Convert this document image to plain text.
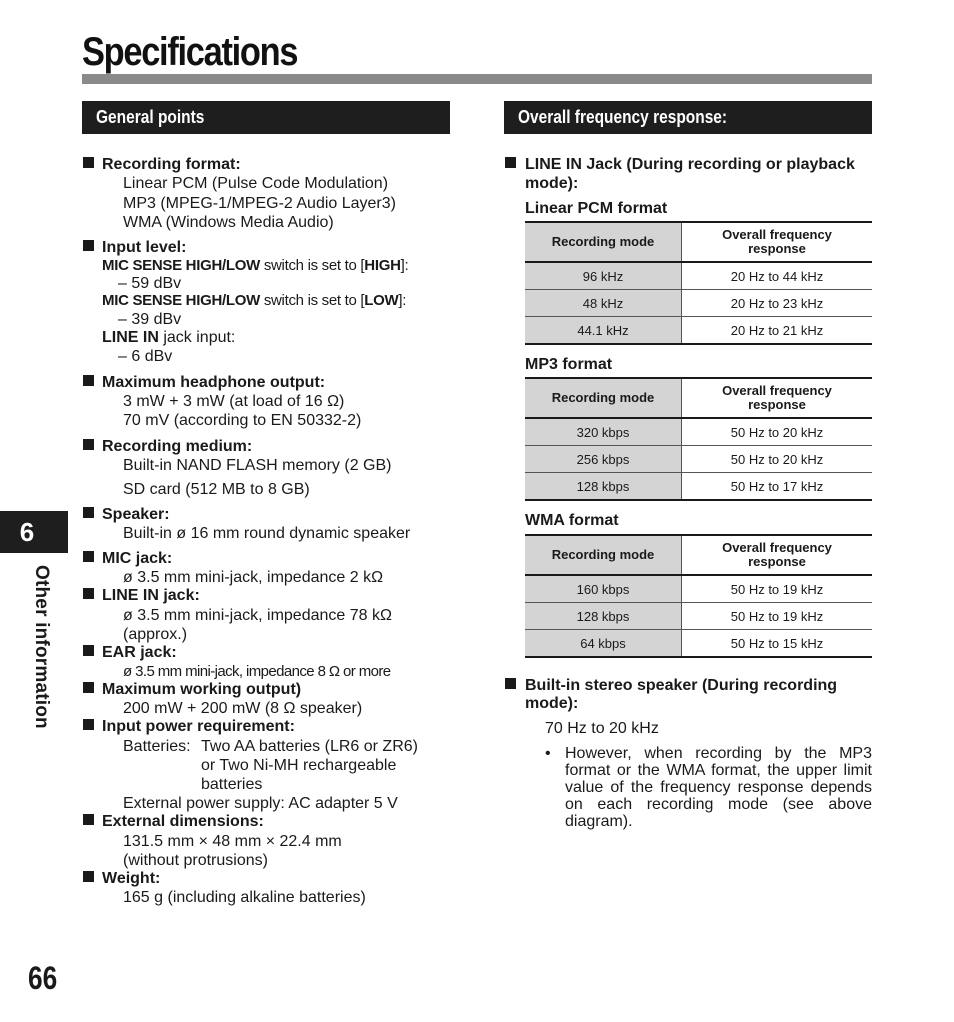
Specifications
General points	Overall frequency response:
Recording format:
Linear PCM (Pulse Code Modulation)
MP3 (MPEG-1/MPEG-2 Audio Layer3)
WMA (Windows Media Audio)
Input level:
MIC SENSE HIGH/LOW switch is set to [HIGH]:
– 59 dBv
MIC SENSE HIGH/LOW switch is set to [LOW]:
– 39 dBv
LINE IN jack input:
– 6 dBv
Maximum headphone output:
3 mW + 3 mW (at load of 16 Ω)
70 mV (according to EN 50332-2)
Recording medium:
Built-in NAND FLASH memory (2 GB)
SD card (512 MB to 8 GB)
Speaker:
Built-in ø 16 mm round dynamic speaker
MIC jack:
ø 3.5 mm mini-jack, impedance 2 kΩ
LINE IN jack:
ø 3.5 mm mini-jack, impedance 78 kΩ
(approx.)
EAR jack:
ø 3.5 mm mini-jack, impedance 8 Ω or more
Maximum working output)
200 mW + 200 mW (8 Ω speaker)
Input power requirement:
Batteries: Two AA batteries (LR6 or ZR6)
or Two Ni-MH rechargeable
batteries
External power supply: AC adapter 5 V
External dimensions:
131.5 mm × 48 mm × 22.4 mm
(without protrusions)
Weight:
165 g (including alkaline batteries)
LINE IN Jack (During recording or playback
mode):
Linear PCM format
Recording mode	Overall frequency
response
96 kHz	20 Hz to 44 kHz
48 kHz	20 Hz to 23 kHz
44.1 kHz	20 Hz to 21 kHz
MP3 format
Recording mode	Overall frequency
response
320 kbps	50 Hz to 20 kHz
256 kbps	50 Hz to 20 kHz
128 kbps	50 Hz to 17 kHz
WMA format
Recording mode	Overall frequency
response
160 kbps	50 Hz to 19 kHz
128 kbps	50 Hz to 19 kHz
64 kbps	50 Hz to 15 kHz
Built-in stereo speaker (During recording
mode):
70 Hz to 20 kHz
• However, when recording by the MP3 format or the WMA format, the upper limit value of the frequency response depends on each recording mode (see above diagram).
6
Other information
66
